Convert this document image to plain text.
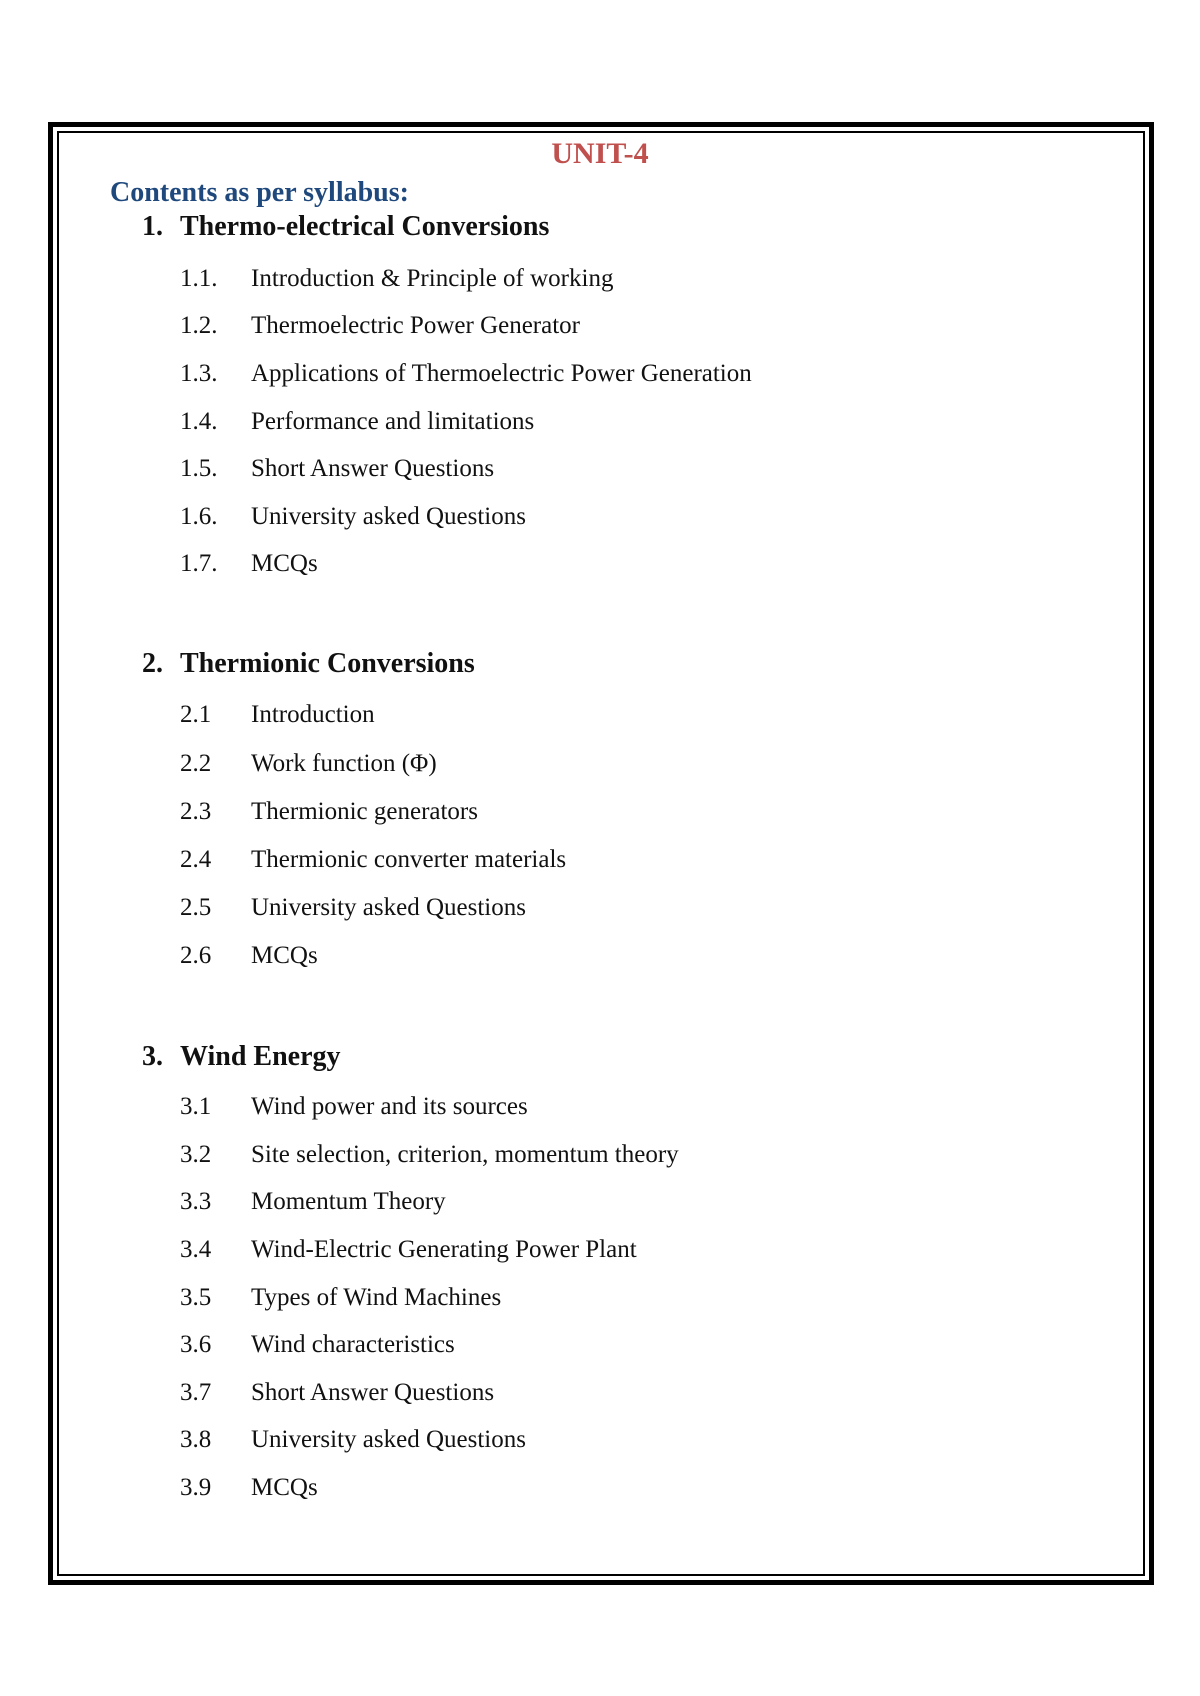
UNIT-4
Contents as per syllabus:
1. Thermo-electrical Conversions
1.1. Introduction & Principle of working
1.2. Thermoelectric Power Generator
1.3. Applications of Thermoelectric Power Generation
1.4. Performance and limitations
1.5. Short Answer Questions
1.6. University asked Questions
1.7. MCQs
2. Thermionic Conversions
2.1 Introduction
2.2 Work function (Φ)
2.3 Thermionic generators
2.4 Thermionic converter materials
2.5 University asked Questions
2.6 MCQs
3. Wind Energy
3.1 Wind power and its sources
3.2 Site selection, criterion, momentum theory
3.3 Momentum Theory
3.4 Wind-Electric Generating Power Plant
3.5 Types of Wind Machines
3.6 Wind characteristics
3.7 Short Answer Questions
3.8 University asked Questions
3.9 MCQs
